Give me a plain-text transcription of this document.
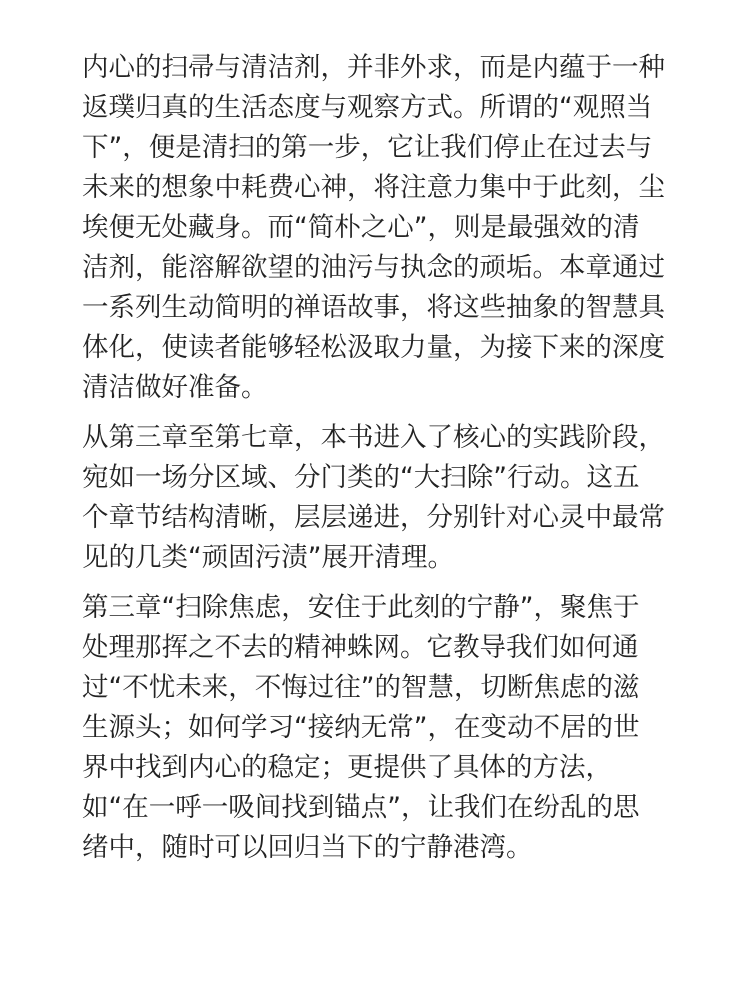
内心的扫帚与清洁剂，并非外求，而是内蕴于一种
返璞归真的生活态度与观察方式。所谓的“观照当
下”，便是清扫的第一步，它让我们停止在过去与
未来的想象中耗费心神，将注意力集中于此刻，尘
埃便无处藏身。而“简朴之心”，则是最强效的清
洁剂，能溶解欲望的油污与执念的顽垢。本章通过
一系列生动简明的禅语故事，将这些抽象的智慧具
体化，使读者能够轻松汲取力量，为接下来的深度
清洁做好准备。
从第三章至第七章，本书进入了核心的实践阶段，
宛如一场分区域、分门类的“大扫除”行动。这五
个章节结构清晰，层层递进，分别针对心灵中最常
见的几类“顽固污渍”展开清理。
第三章“扫除焦虑，安住于此刻的宁静”，聚焦于
处理那挥之不去的精神蛛网。它教导我们如何通
过“不忧未来，不悔过往”的智慧，切断焦虑的滋
生源头；如何学习“接纳无常”，在变动不居的世
界中找到内心的稳定；更提供了具体的方法，
如“在一呼一吸间找到锚点”，让我们在纷乱的思
绪中，随时可以回归当下的宁静港湾。
